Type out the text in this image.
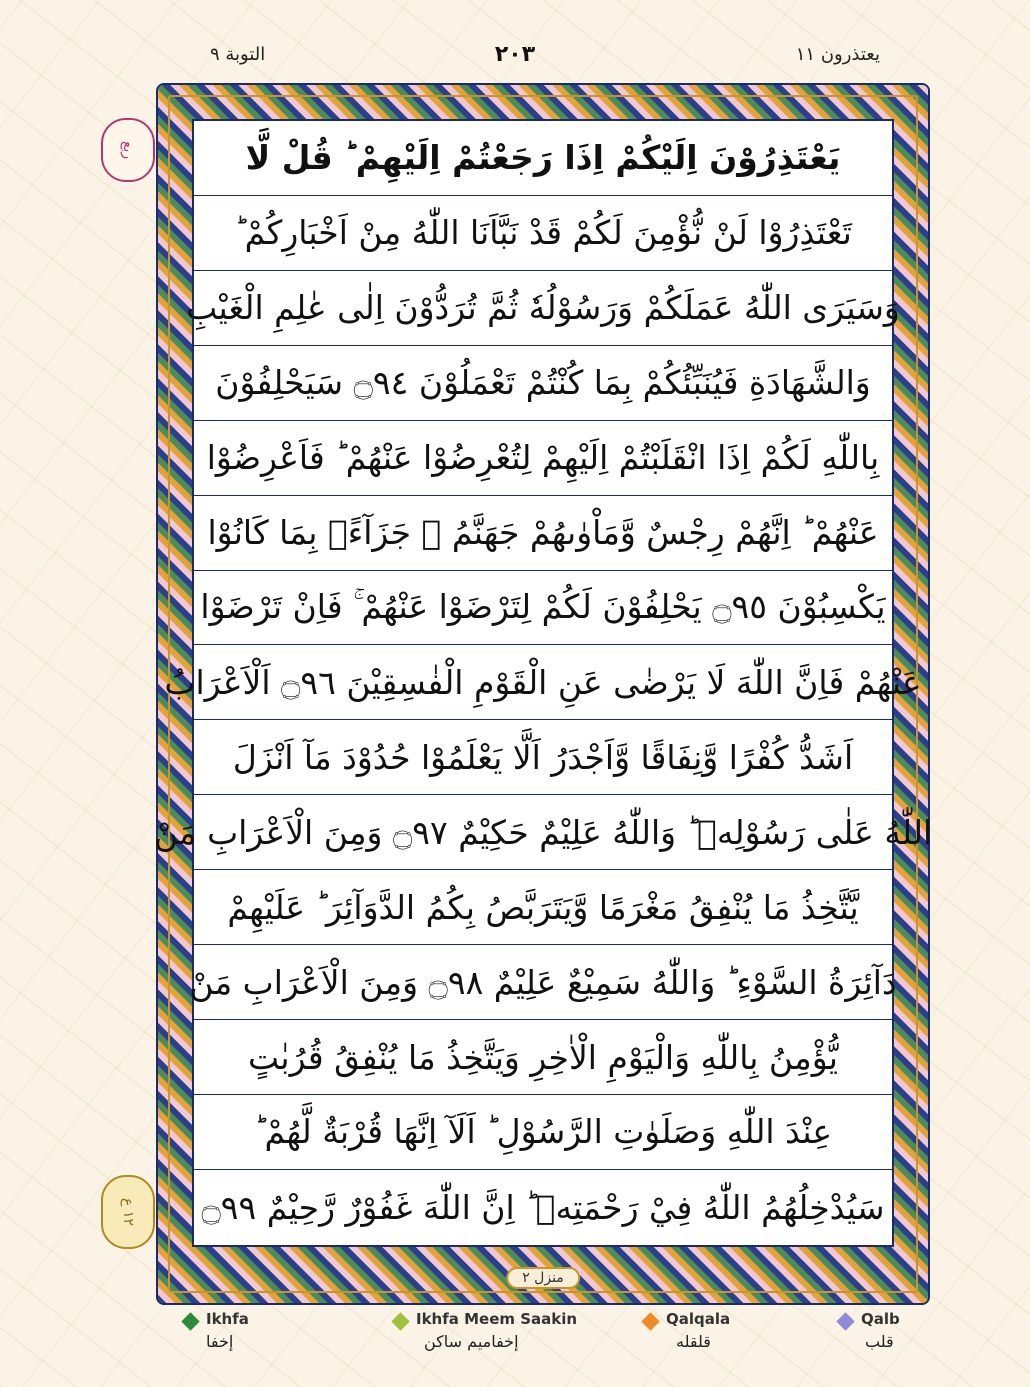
يعتذرون ١١
٢٠٣
التوبة ٩
ربع
١٢ ع
يَعْتَذِرُوْنَ اِلَيْكُمْ اِذَا رَجَعْتُمْ اِلَيْهِمْ ؕ قُلْ لَّا
تَعْتَذِرُوْا لَنْ نُّؤْمِنَ لَكُمْ قَدْ نَبَّاَنَا اللّٰهُ مِنْ اَخْبَارِكُمْ ؕ
وَسَيَرَى اللّٰهُ عَمَلَكُمْ وَرَسُوْلُهٗ ثُمَّ تُرَدُّوْنَ اِلٰى عٰلِمِ الْغَيْبِ
وَالشَّهَادَةِ فَيُنَبِّئُكُمْ بِمَا كُنْتُمْ تَعْمَلُوْنَ ۝٩٤ سَيَحْلِفُوْنَ
بِاللّٰهِ لَكُمْ اِذَا انْقَلَبْتُمْ اِلَيْهِمْ لِتُعْرِضُوْا عَنْهُمْ ؕ فَاَعْرِضُوْا
عَنْهُمْ ؕ اِنَّهُمْ رِجْسٌ وَّمَاْوٰىهُمْ جَهَنَّمُ ۚ جَزَآءًۢ بِمَا كَانُوْا
يَكْسِبُوْنَ ۝٩٥ يَحْلِفُوْنَ لَكُمْ لِتَرْضَوْا عَنْهُمْ ۚ فَاِنْ تَرْضَوْا
عَنْهُمْ فَاِنَّ اللّٰهَ لَا يَرْضٰى عَنِ الْقَوْمِ الْفٰسِقِيْنَ ۝٩٦ اَلْاَعْرَابُ
اَشَدُّ كُفْرًا وَّنِفَاقًا وَّاَجْدَرُ اَلَّا يَعْلَمُوْا حُدُوْدَ مَآ اَنْزَلَ
اللّٰهُ عَلٰى رَسُوْلِهٖ ؕ وَاللّٰهُ عَلِيْمٌ حَكِيْمٌ ۝٩٧ وَمِنَ الْاَعْرَابِ مَنْ
يَّتَّخِذُ مَا يُنْفِقُ مَغْرَمًا وَّيَتَرَبَّصُ بِكُمُ الدَّوَآئِرَ ؕ عَلَيْهِمْ
دَآئِرَةُ السَّوْءِ ؕ وَاللّٰهُ سَمِيْعٌ عَلِيْمٌ ۝٩٨ وَمِنَ الْاَعْرَابِ مَنْ
يُّؤْمِنُ بِاللّٰهِ وَالْيَوْمِ الْاٰخِرِ وَيَتَّخِذُ مَا يُنْفِقُ قُرُبٰتٍ
عِنْدَ اللّٰهِ وَصَلَوٰتِ الرَّسُوْلِ ؕ اَلَآ اِنَّهَا قُرْبَةٌ لَّهُمْ ؕ
سَيُدْخِلُهُمُ اللّٰهُ فِيْ رَحْمَتِهٖ ؕ اِنَّ اللّٰهَ غَفُوْرٌ رَّحِيْمٌ ۝٩٩
منزل ٢
Ikhfa
إخفا
Ikhfa Meem Saakin
إخفاميم ساكن
Qalqala
قلقله
Qalb
قلب
